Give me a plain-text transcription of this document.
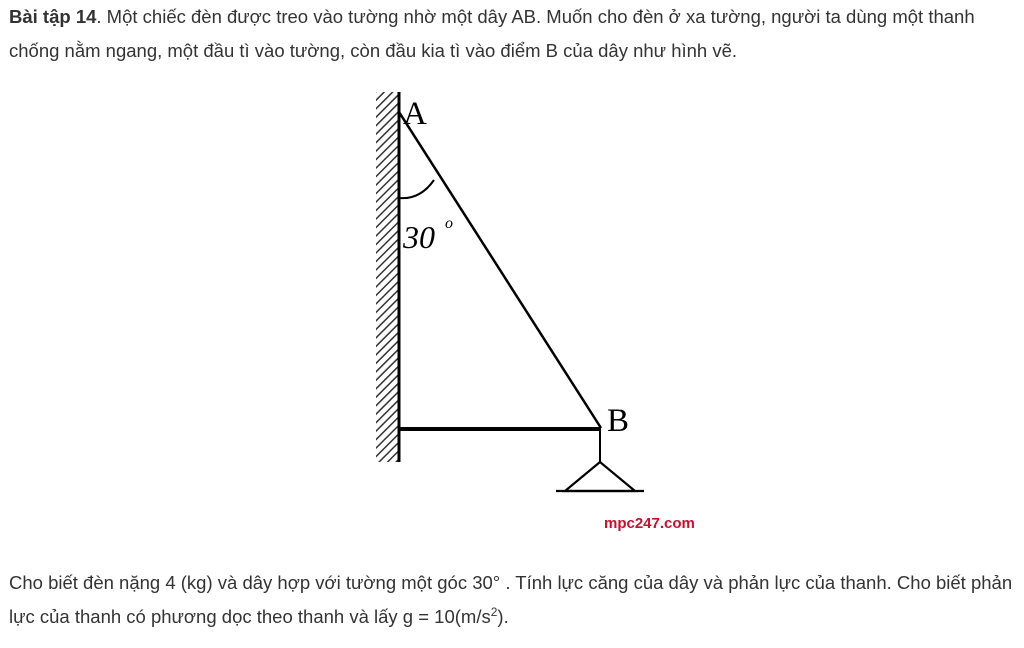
Bài tập 14. Một chiếc đèn được treo vào tường nhờ một dây AB. Muốn cho đèn ở xa tường, người ta dùng một thanh chống nằm ngang, một đầu tì vào tường, còn đầu kia tì vào điểm B của dây như hình vẽ.

A
B
30 o
mpc247.com

Cho biết đèn nặng 4 (kg) và dây hợp với tường một góc 30° . Tính lực căng của dây và phản lực của thanh. Cho biết phản lực của thanh có phương dọc theo thanh và lấy $g = 10(m/s^2)$.
